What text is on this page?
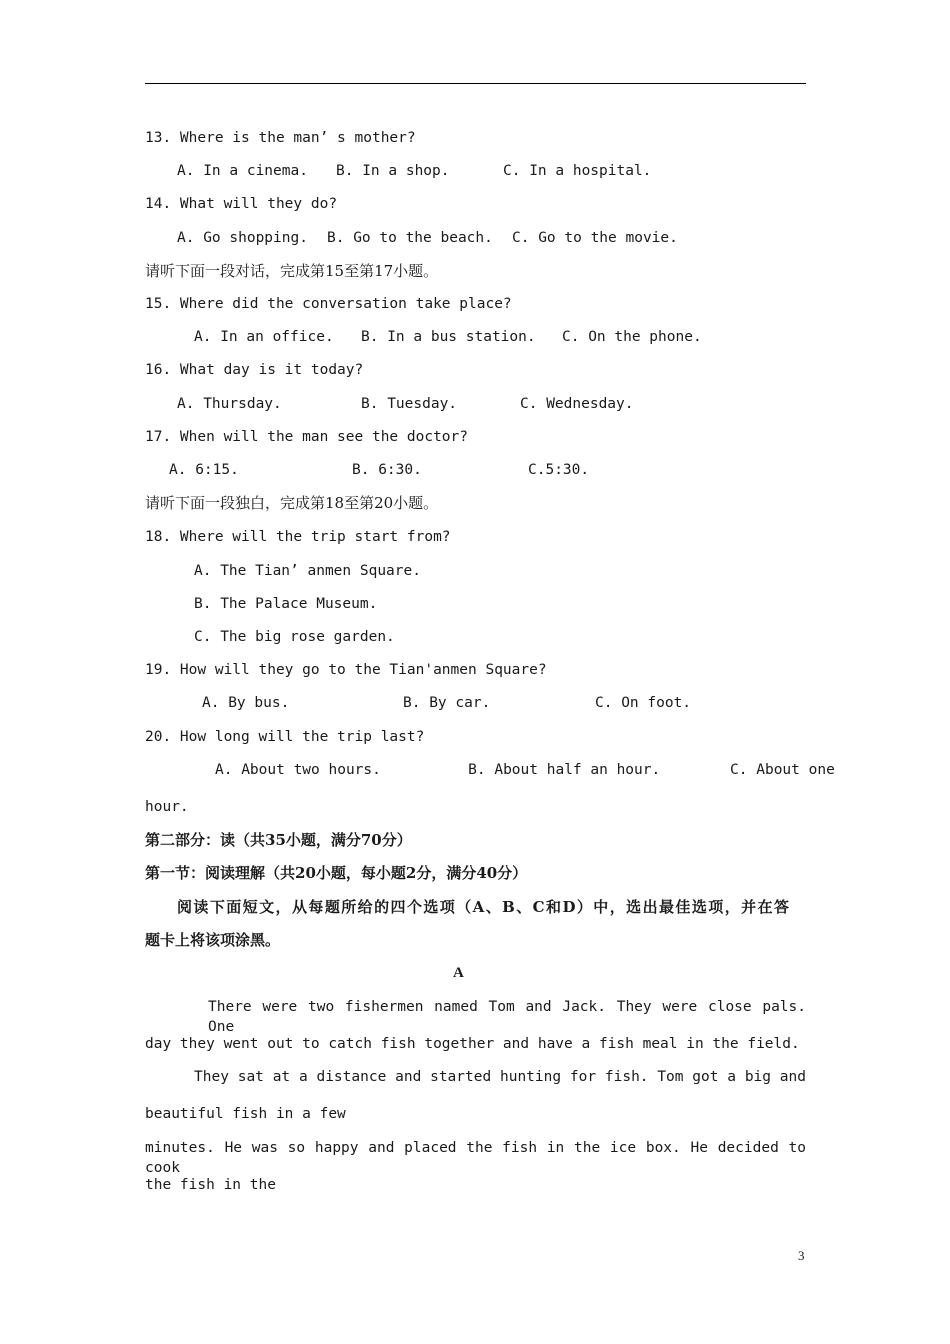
13. Where is the man’ s mother?
A. In a cinema. B. In a shop.	C. In a hospital.
14. What will they do?
A. Go shopping. B. Go to the beach. C. Go to the movie.
请听下面一段对话，完成第15至第17小题。
15. Where did the conversation take place?
A. In an office. B. In a bus station. C. On the phone.
16. What day is it today?
A. Thursday.	B. Tuesday.	C. Wednesday.
17. When will the man see the doctor?
A. 6:15.	B. 6:30.	C.5:30.
请听下面一段独白，完成第18至第20小题。
18. Where will the trip start from?
A. The Tian’ anmen Square.
B. The Palace Museum.
C. The big rose garden.
19. How will they go to the Tian'anmen Square?
A. By bus.	B. By car.	C. On foot.
20. How long will the trip last?
A. About two hours.          B. About half an hour.        C. About one
hour.
第二部分：读（共35小题，满分70分）
第一节：阅读理解（共20小题，每小题2分，满分40分）
阅读下面短文，从每题所给的四个选项（A、B、C和D）中，选出最佳选项，并在答
题卡上将该项涂黑。
A
There were two fishermen named Tom and Jack. They were close pals. One
day they went out to catch fish together and have a fish meal in the field.
They sat at a distance and started hunting for fish. Tom got a big and
beautiful fish in a few
minutes. He was so happy and placed the fish in the ice box. He decided to cook
the fish in the
3
